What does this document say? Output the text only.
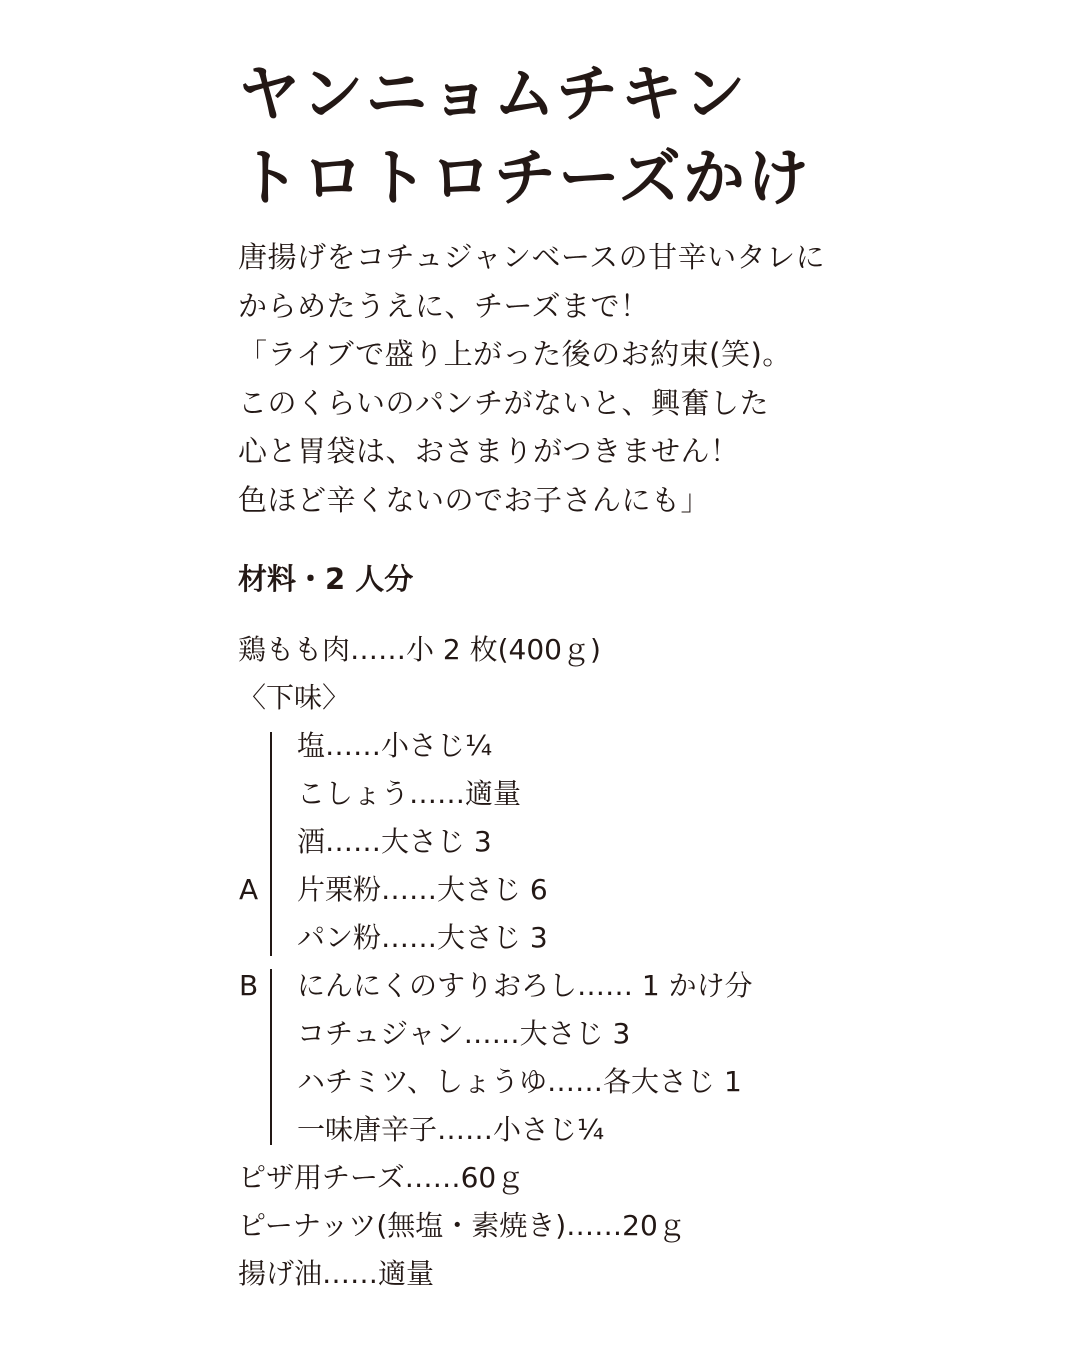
ヤンニョムチキン
トロトロチーズかけ

唐揚げをコチュジャンベースの甘辛いタレに
からめたうえに、チーズまで！
「ライブで盛り上がった後のお約束(笑)。
このくらいのパンチがないと、興奮した
心と胃袋は、おさまりがつきません！
色ほど辛くないのでお子さんにも」

材料・2 人分
鶏もも肉……小 2 枚(400ｇ)
〈下味〉
塩……小さじ¼
こしょう……適量
酒……大さじ 3
A 片栗粉……大さじ 6
パン粉……大さじ 3
B にんにくのすりおろし…… 1 かけ分
コチュジャン……大さじ 3
ハチミツ、しょうゆ……各大さじ 1
一味唐辛子……小さじ¼
ピザ用チーズ……60ｇ
ピーナッツ(無塩・素焼き)……20ｇ
揚げ油……適量
